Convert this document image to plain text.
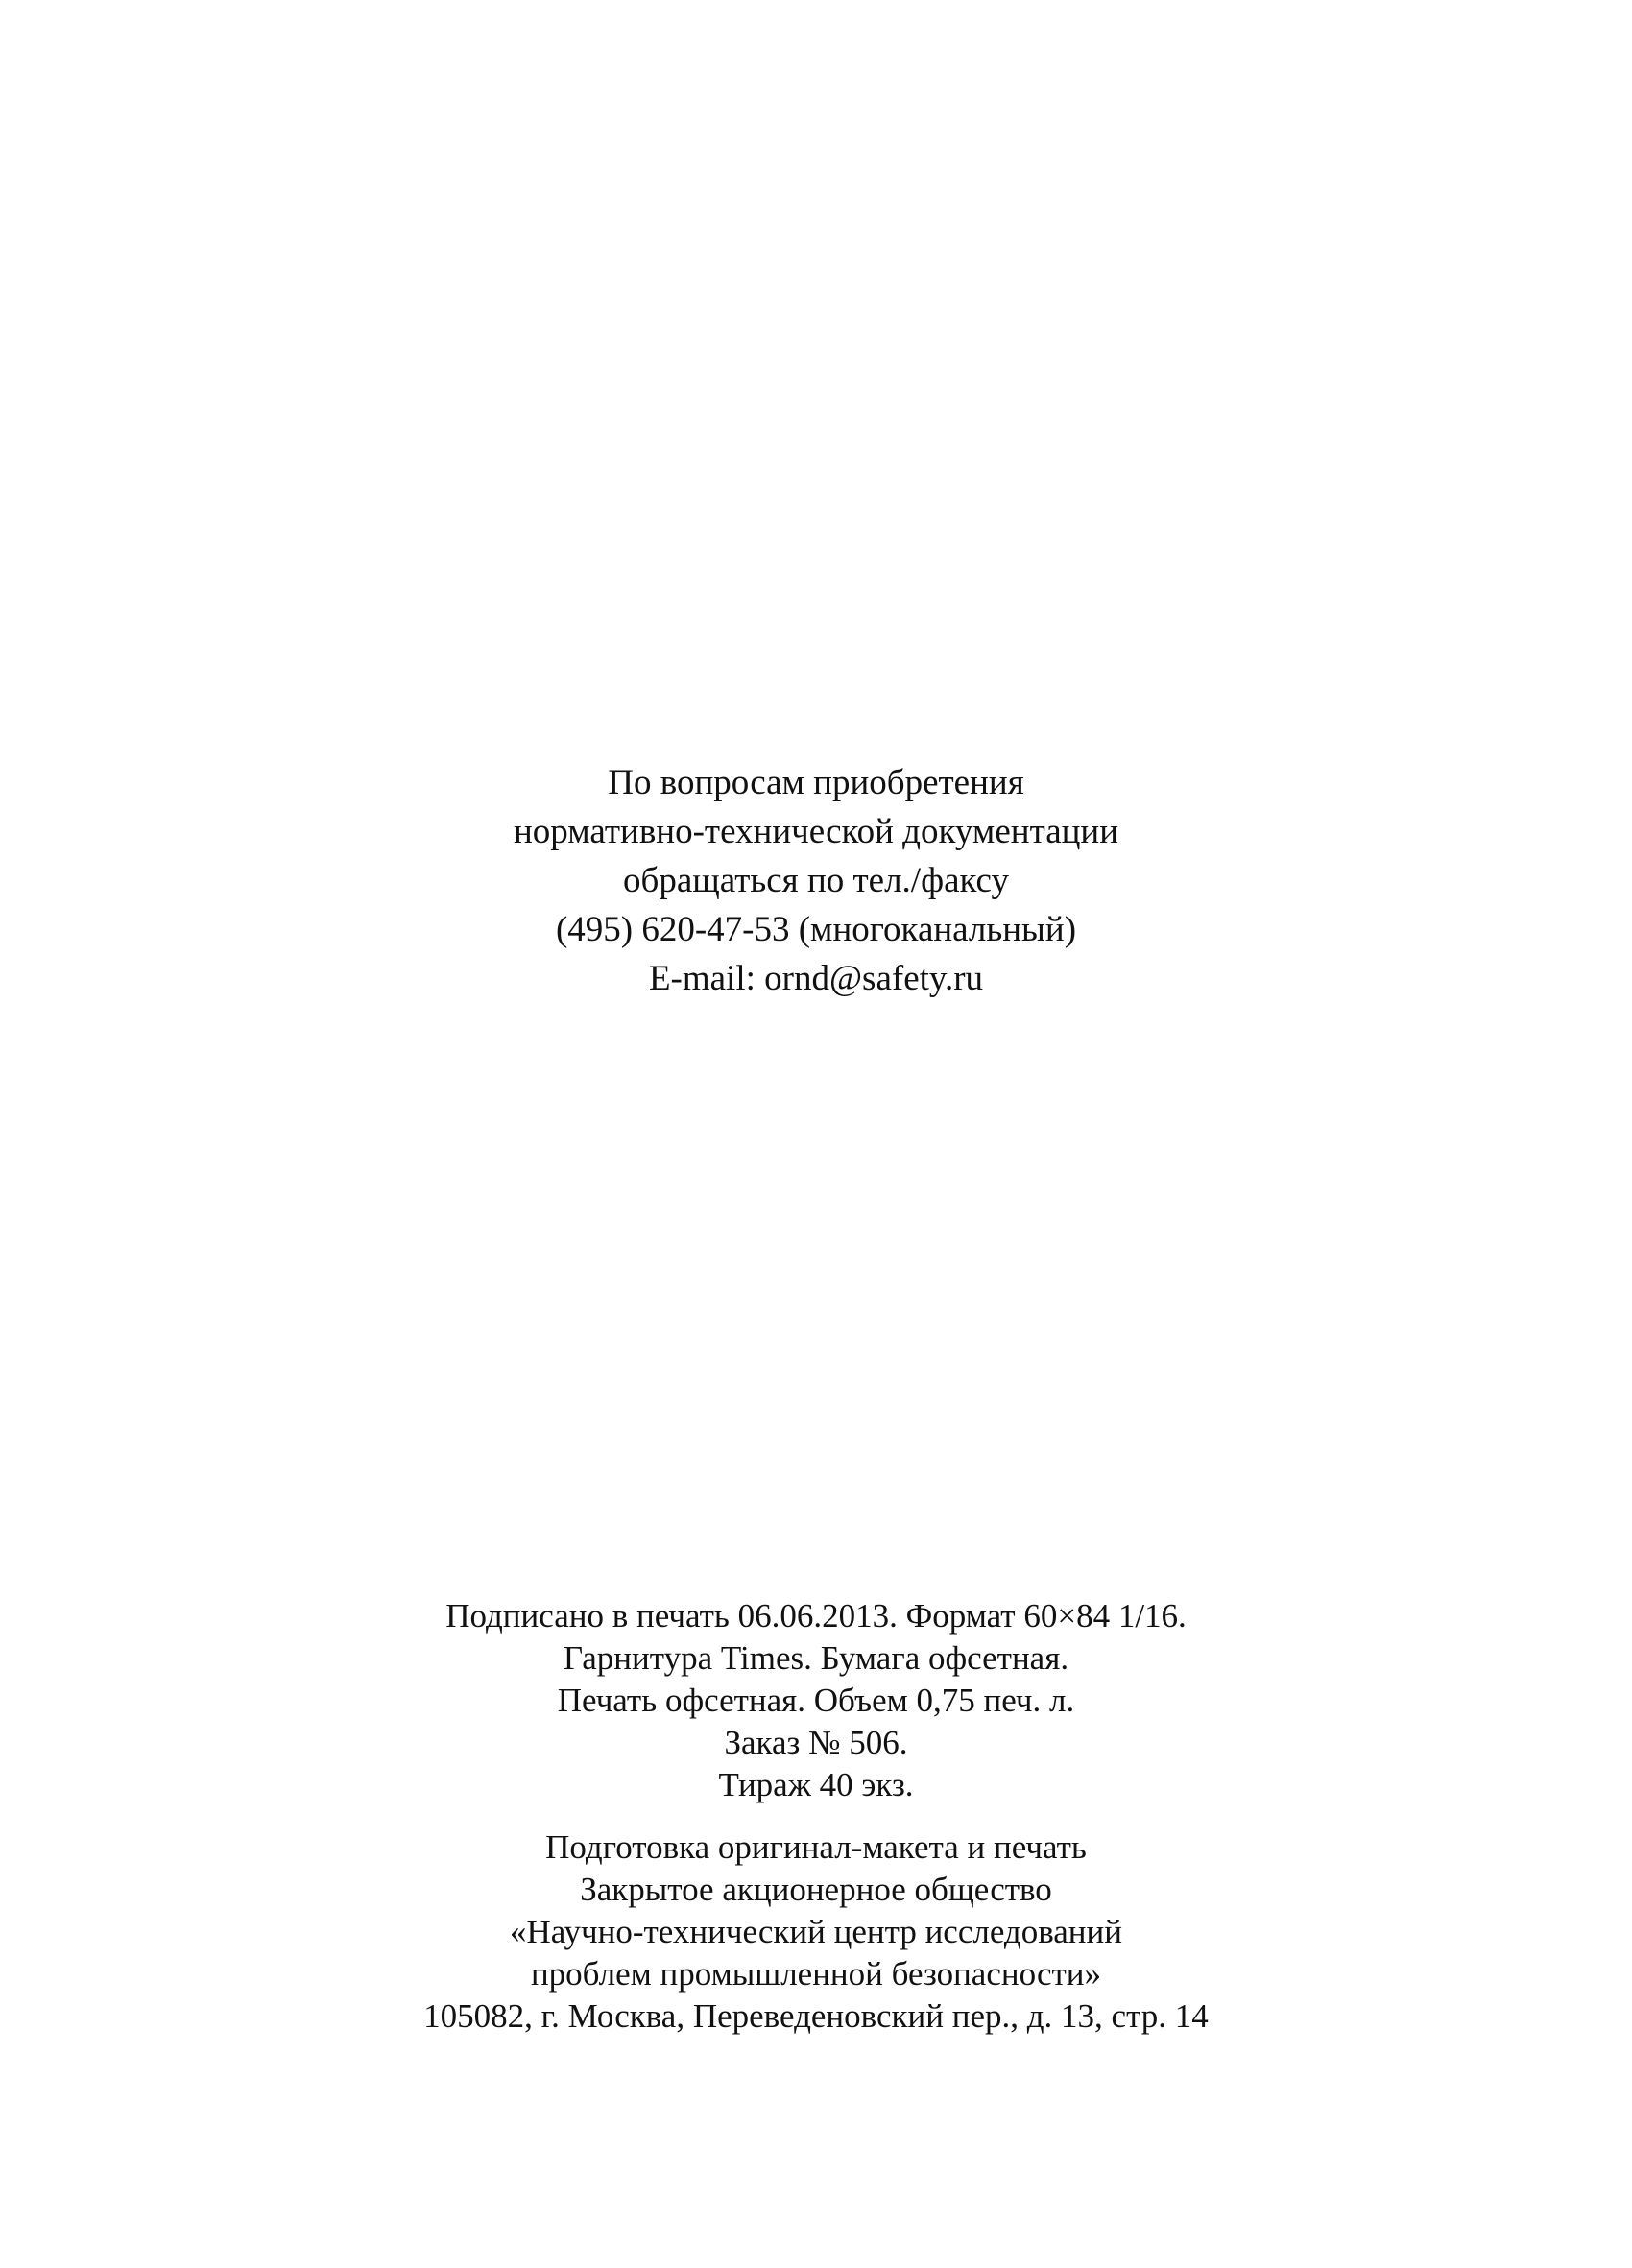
По вопросам приобретения
нормативно-технической документации
обращаться по тел./факсу
(495) 620-47-53 (многоканальный)
E-mail: ornd@safety.ru
Подписано в печать 06.06.2013. Формат 60×84 1/16.
Гарнитура Times. Бумага офсетная.
Печать офсетная. Объем 0,75 печ. л.
Заказ № 506.
Тираж 40 экз.
Подготовка оригинал-макета и печать
Закрытое акционерное общество
«Научно-технический центр исследований
проблем промышленной безопасности»
105082, г. Москва, Переведеновский пер., д. 13, стр. 14
